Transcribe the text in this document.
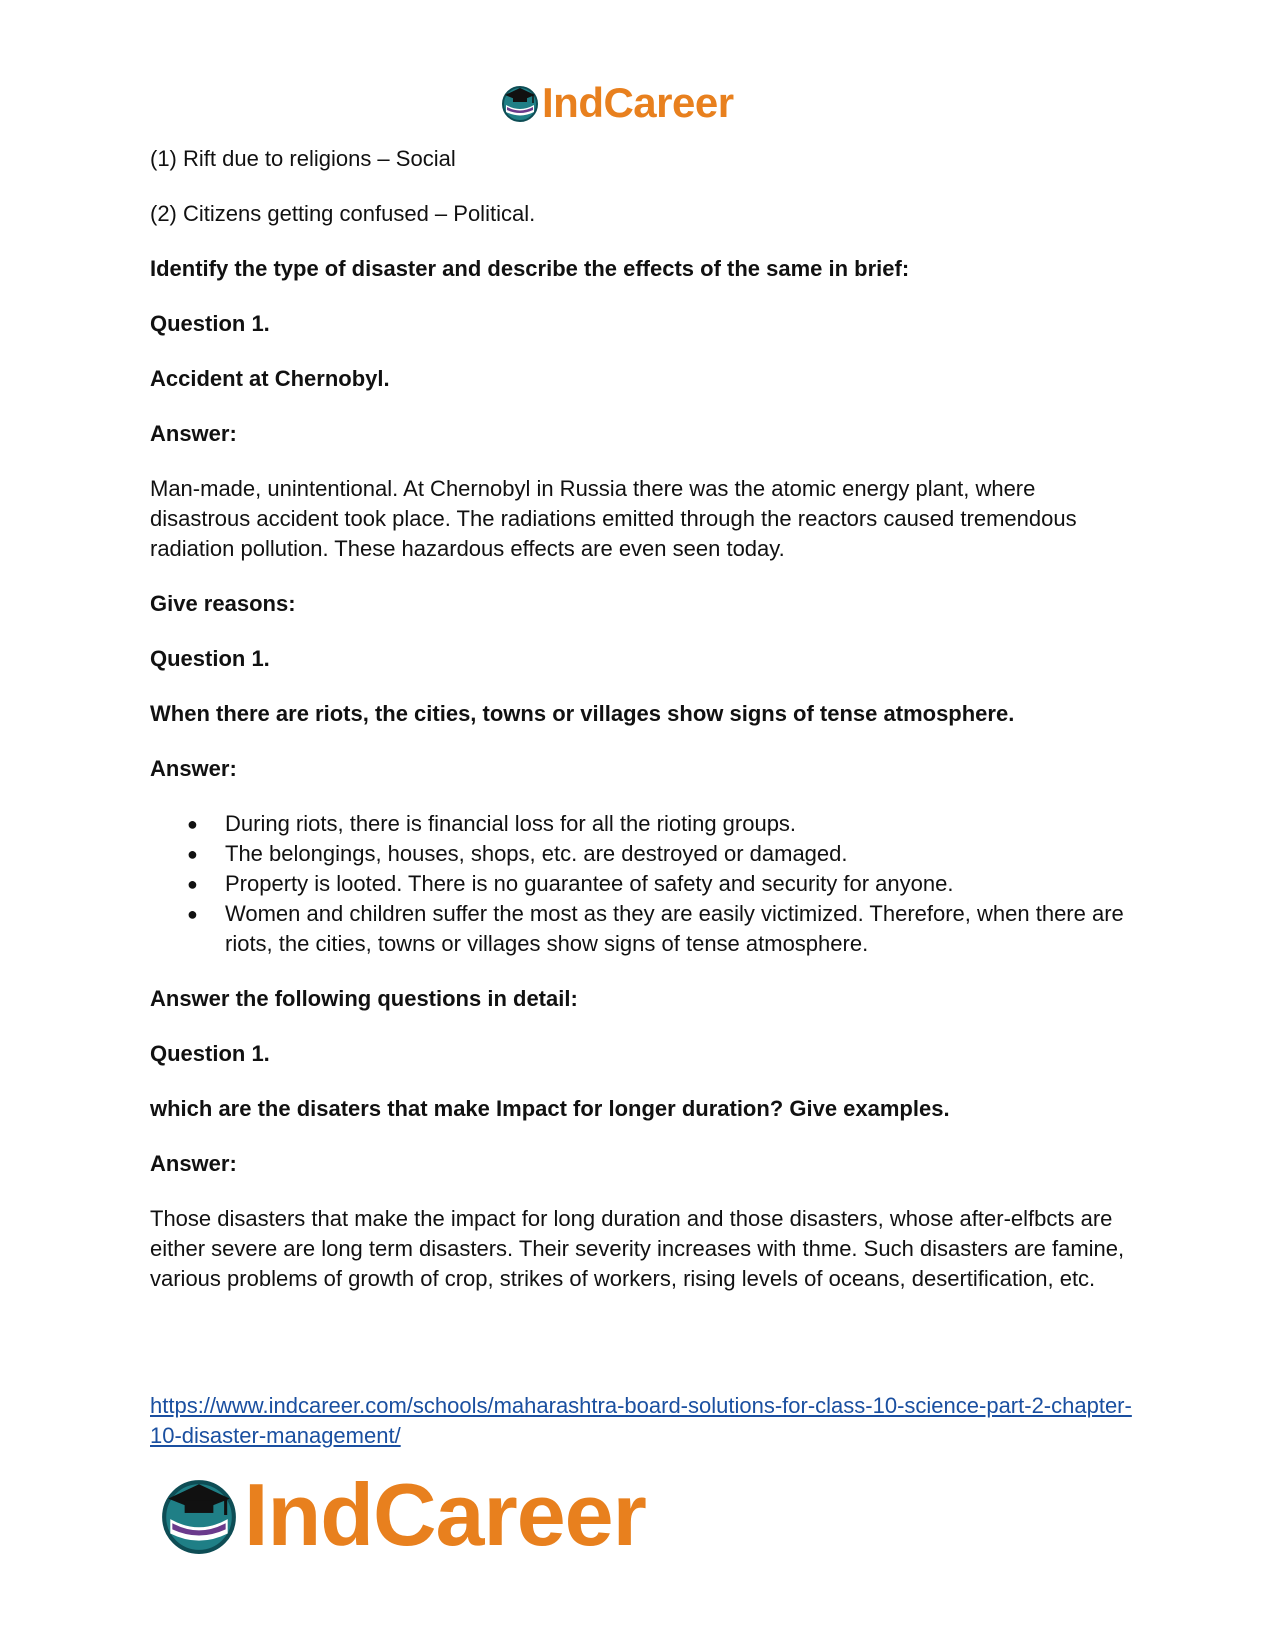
IndCareer

(1) Rift due to religions – Social

(2) Citizens getting confused – Political.

Identify the type of disaster and describe the effects of the same in brief:

Question 1.

Accident at Chernobyl.

Answer:

Man-made, unintentional. At Chernobyl in Russia there was the atomic energy plant, where disastrous accident took place. The radiations emitted through the reactors caused tremendous radiation pollution. These hazardous effects are even seen today.

Give reasons:

Question 1.

When there are riots, the cities, towns or villages show signs of tense atmosphere.

Answer:

● During riots, there is financial loss for all the rioting groups.
● The belongings, houses, shops, etc. are destroyed or damaged.
● Property is looted. There is no guarantee of safety and security for anyone.
● Women and children suffer the most as they are easily victimized. Therefore, when there are riots, the cities, towns or villages show signs of tense atmosphere.

Answer the following questions in detail:

Question 1.

which are the disaters that make Impact for longer duration? Give examples.

Answer:

Those disasters that make the impact for long duration and those disasters, whose after-elfbcts are either severe are long term disasters. Their severity increases with thme. Such disasters are famine, various problems of growth of crop, strikes of workers, rising levels of oceans, desertification, etc.

https://www.indcareer.com/schools/maharashtra-board-solutions-for-class-10-science-part-2-chapter-10-disaster-management/
IndCareer
